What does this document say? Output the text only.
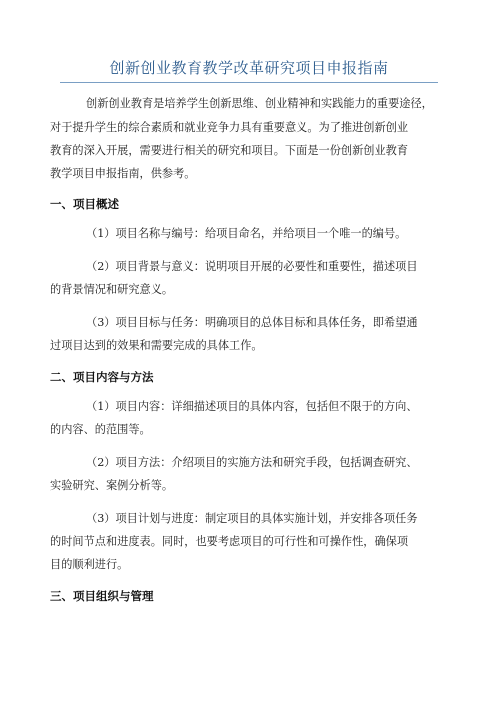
创新创业教育教学改革研究项目申报指南
创新创业教育是培养学生创新思维、创业精神和实践能力的重要途径，
对于提升学生的综合素质和就业竞争力具有重要意义。为了推进创新创业
教育的深入开展，需要进行相关的研究和项目。下面是一份创新创业教育
教学项目申报指南，供参考。
一、项目概述
（1）项目名称与编号：给项目命名，并给项目一个唯一的编号。
（2）项目背景与意义：说明项目开展的必要性和重要性，描述项目
的背景情况和研究意义。
（3）项目目标与任务：明确项目的总体目标和具体任务，即希望通
过项目达到的效果和需要完成的具体工作。
二、项目内容与方法
（1）项目内容：详细描述项目的具体内容，包括但不限于的方向、
的内容、的范围等。
（2）项目方法：介绍项目的实施方法和研究手段，包括调查研究、
实验研究、案例分析等。
（3）项目计划与进度：制定项目的具体实施计划，并安排各项任务
的时间节点和进度表。同时，也要考虑项目的可行性和可操作性，确保项
目的顺利进行。
三、项目组织与管理
